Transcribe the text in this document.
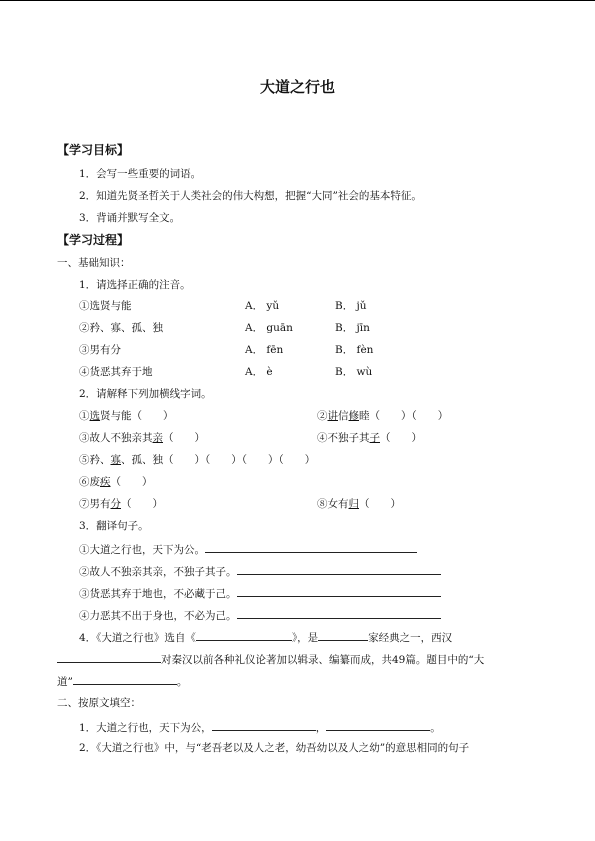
大道之行也
【学习目标】
1．会写一些重要的词语。
2．知道先贤圣哲关于人类社会的伟大构想，把握“大同”社会的基本特征。
3．背诵并默写全文。
【学习过程】
一、基础知识：
1．请选择正确的注音。
①选贤与能	A． yǔ	B． jǔ
②矜、寡、孤、独	A． guān	B． jīn
③男有分	A． fēn	B． fèn
④货恶其弃于地	A． è	B． wù
2．请解释下列加横线字词。
①选贤与能（　　）	②讲信修睦（　　）（　　）
③故人不独亲其亲（　　）	④不独子其子（　　）
⑤矜、寡、孤、独（　　）（　　）（　　）（　　）
⑥废疾（　　）
⑦男有分（　　）	⑧女有归（　　）
3．翻译句子。
①大道之行也，天下为公。
②故人不独亲其亲，不独子其子。
③货恶其弃于地也，不必藏于己。
④力恶其不出于身也，不必为己。
4．《大道之行也》选自《	》，是	家经典之一，西汉
对秦汉以前各种礼仪论著加以辑录、编纂而成，共49篇。题目中的“大
道”	。
二、按原文填空：
1．大道之行也，天下为公，	，	。
2．《大道之行也》中，与“老吾老以及人之老，幼吾幼以及人之幼”的意思相同的句子
